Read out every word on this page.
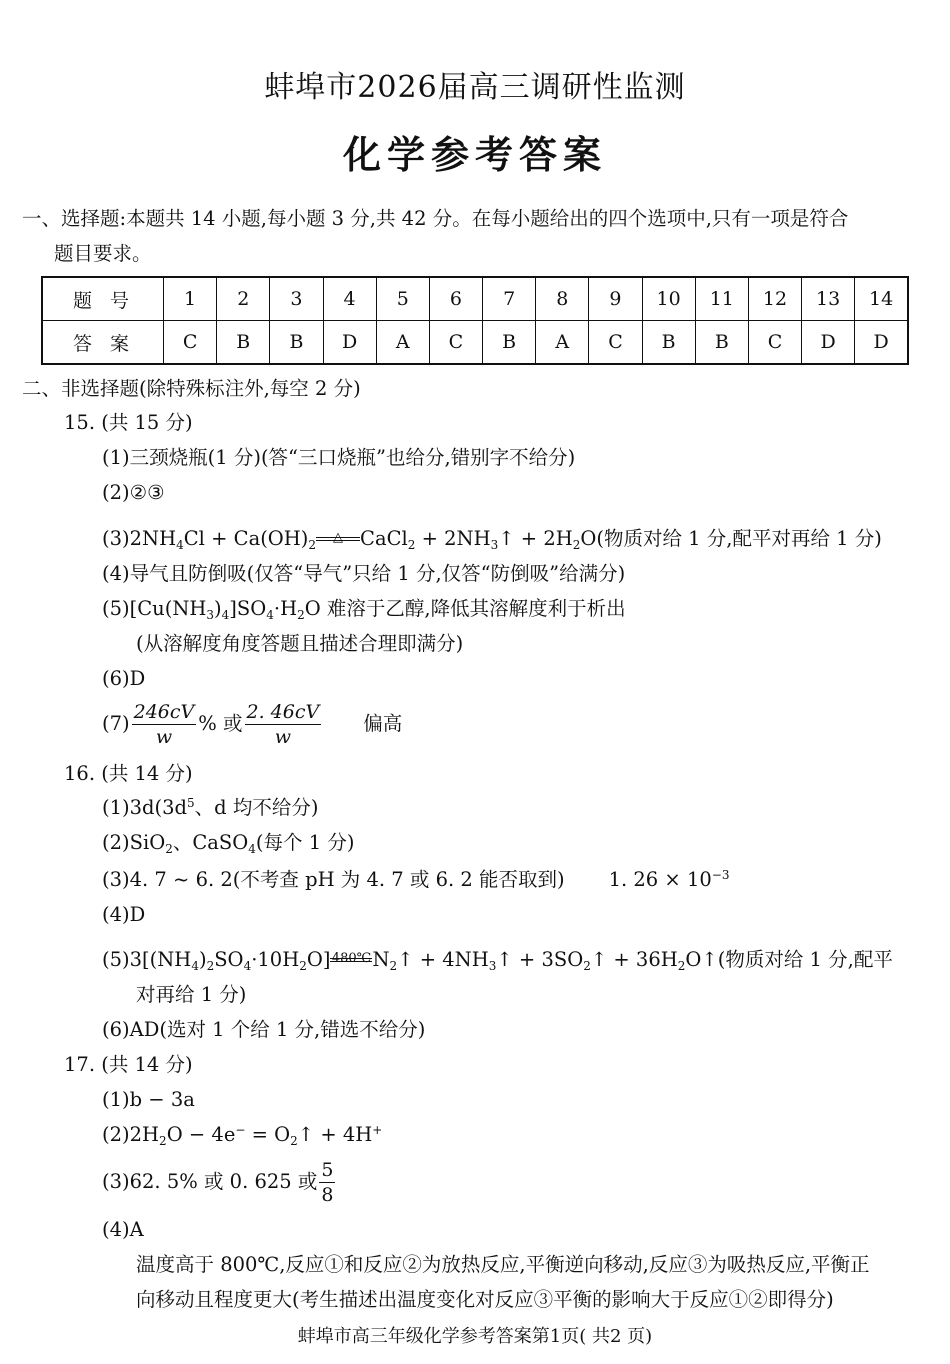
蚌埠市2026届高三调研性监测
化学参考答案
一、选择题:本题共 14 小题,每小题 3 分,共 42 分。在每小题给出的四个选项中,只有一项是符合
题目要求。
题号	1	2	3	4	5	6	7	8	9	10	11	12	13	14
答案	C	B	B	D	A	C	B	A	C	B	B	C	D	D
二、非选择题(除特殊标注外,每空 2 分)
15. (共 15 分)
(1)三颈烧瓶(1 分)(答“三口烧瓶”也给分,错别字不给分)
(2)②③
$(3)2NH_4Cl + Ca(OH)_2$	△ CaCl$_2$ + $2NH_3↑ + 2H_2O$(物质对给 1 分,配平对再给 1 分)
(4)导气且防倒吸(仅答“导气”只给 1 分,仅答“防倒吸”给满分)
$(5)[Cu(NH_3)_4]SO_4\cdot H_2O$ 难溶于乙醇,降低其溶解度利于析出
(从溶解度角度答题且描述合理即满分)
(6)D
$(7) \frac{246cV}{w}$ % 或 $\frac{2. 46cV}{w}$ 偏高
16. (共 14 分)
$(1)3d(3d^5$、d 均不给分)
(2)SiO$_2$、CaSO$_4$(每个 1 分)
(3)4. 7 ~ 6. 2(不考查 pH 为 4. 7 或 6. 2 能否取到) 1. $26 \times 10^{-3}$
(4)D
$(5)3[(NH_4)_2SO_4\cdot 10H_2O]$ 480℃ $N_2↑$ + $4NH_3↑$ + $3SO_2↑$ + $36H_2O↑$(物质对给 1 分,配平
对再给 1 分)
(6)AD(选对 1 个给 1 分,错选不给分)
17. (共 14 分)
(1)b − 3a
$(2)2H_2O - 4e^-$ = $O_2↑ + 4H^+$
(3)62. 5% 或 0. 625 或 $\frac{5}{8}$
(4)A
温度高于 800℃,反应①和反应②为放热反应,平衡逆向移动,反应③为吸热反应,平衡正
向移动且程度更大(考生描述出温度变化对反应③平衡的影响大于反应①②即得分)
蚌埠市高三年级化学参考答案第1页( 共2 页)
